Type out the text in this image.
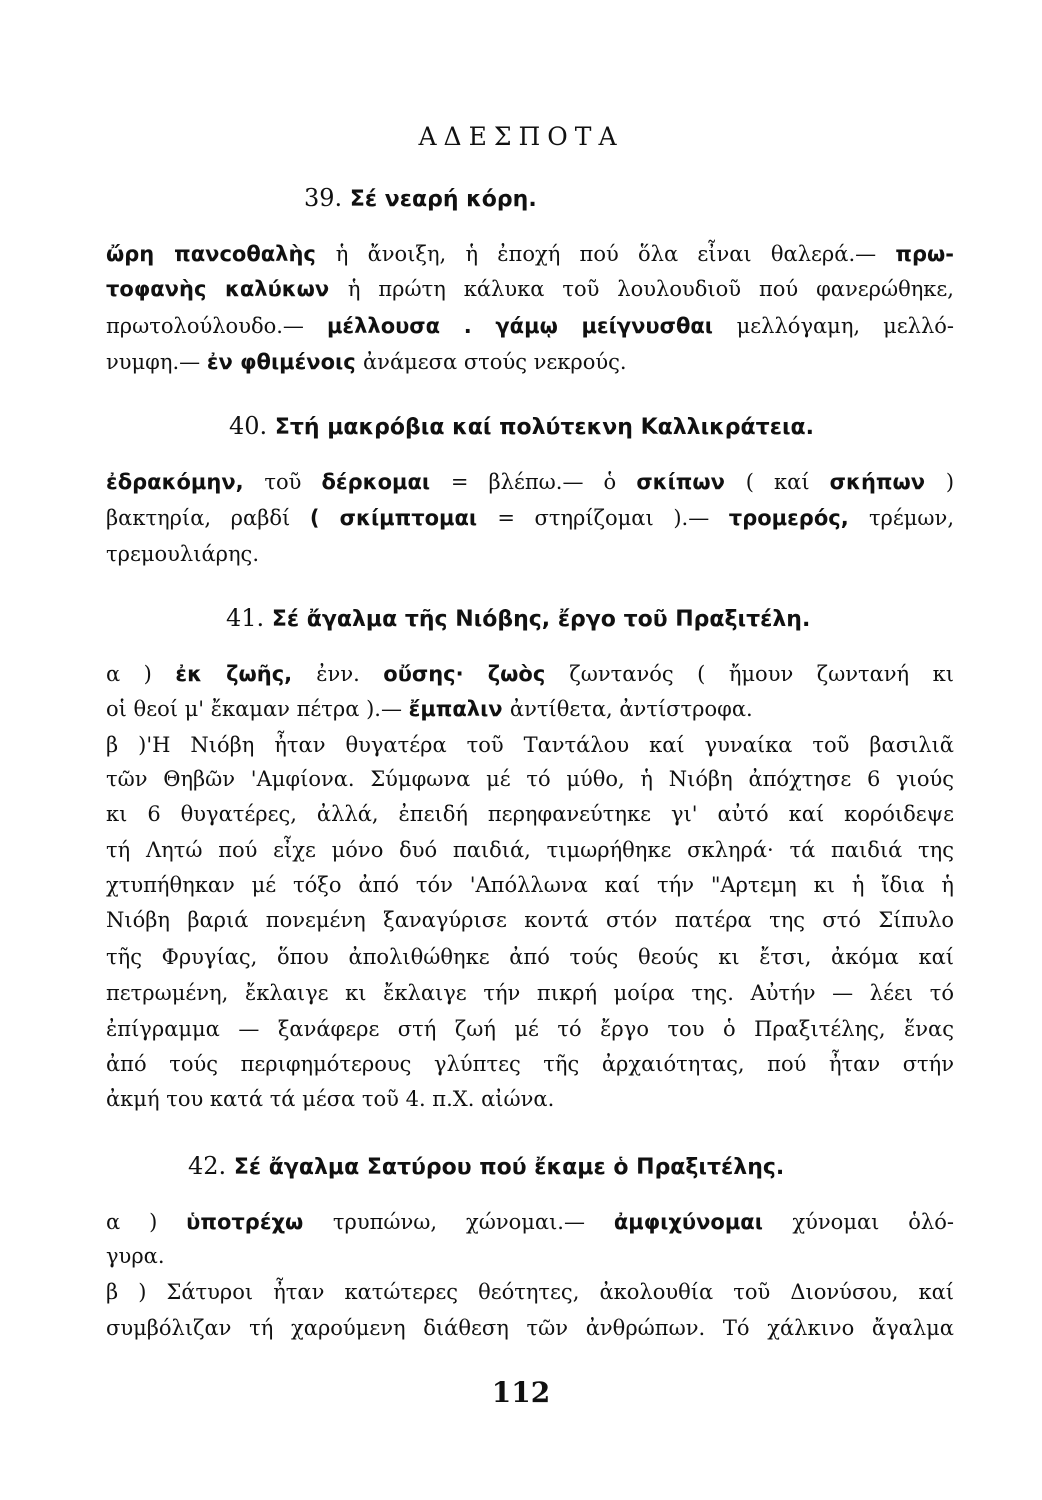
ΑΔΕΣΠΟΤΑ
39. Σέ νεαρή κόρη.
ὤρη πανϲοθαλὴς ἡ ἄνοιξη, ἡ ἐποχή πού ὅλα εἶναι θαλερά.— πρω-
τοφανὴς καλύκων ἡ πρώτη κάλυκα τοῦ λουλουδιοῦ πού φανερώθηκε,
πρωτολούλουδο.— μέλλουσα . γάμῳ μείγνυσθαι μελλόγαμη, μελλό-
νυμφη.— ἐν φθιμένοις ἀνάμεσα στούς νεκρούς.
40. Στή μακρόβια καί πολύτεκνη Καλλικράτεια.
ἐδρακόμην, τοῦ δέρκομαι = βλέπω.— ὁ σκίπων ( καί σκήπων )
βακτηρία, ραβδί ( σκίμπτομαι = στηρίζομαι ).— τρομερός, τρέμων,
τρεμουλιάρης.
41. Σέ ἄγαλμα τῆς Νιόβης, ἔργο τοῦ Πραξιτέλη.
α ) ἐκ ζωῆς, ἐνν. οὔσης· ζωὸς ζωντανός ( ἤμουν ζωντανή κι
οἱ θεοί μ' ἔκαμαν πέτρα ).— ἔμπαλιν ἀντίθετα, ἀντίστροφα.
β )'Η Νιόβη ἦταν θυγατέρα τοῦ Ταντάλου καί γυναίκα τοῦ βασιλιᾶ
τῶν Θηβῶν 'Αμφίονα. Σύμφωνα μέ τό μύθο, ἡ Νιόβη ἀπόχτησε 6 γιούς
κι 6 θυγατέρες, ἀλλά, ἐπειδή περηφανεύτηκε γι' αὐτό καί κορόιδεψε
τή Λητώ πού εἶχε μόνο δυό παιδιά, τιμωρήθηκε σκληρά· τά παιδιά της
χτυπήθηκαν μέ τόξο ἀπό τόν 'Απόλλωνα καί τήν "Αρτεμη κι ἡ ἴδια ἡ
Νιόβη βαριά πονεμένη ξαναγύρισε κοντά στόν πατέρα της στό Σίπυλο
τῆς Φρυγίας, ὅπου ἀπολιθώθηκε ἀπό τούς θεούς κι ἔτσι, ἀκόμα καί
πετρωμένη, ἔκλαιγε κι ἔκλαιγε τήν πικρή μοίρα της. Αὐτήν — λέει τό
ἐπίγραμμα — ξανάφερε στή ζωή μέ τό ἔργο του ὁ Πραξιτέλης, ἕνας
ἀπό τούς περιφημότερους γλύπτες τῆς ἀρχαιότητας, πού ἦταν στήν
ἀκμή του κατά τά μέσα τοῦ 4. π.Χ. αἰώνα.
42. Σέ ἄγαλμα Σατύρου πού ἔκαμε ὁ Πραξιτέλης.
α ) ὑποτρέχω τρυπώνω, χώνομαι.— ἀμφιχύνομαι χύνομαι ὁλό-
γυρα.
β ) Σάτυροι ἦταν κατώτερες θεότητες, ἀκολουθία τοῦ Διονύσου, καί
συμβόλιζαν τή χαρούμενη διάθεση τῶν ἀνθρώπων. Τό χάλκινο ἄγαλμα
112
